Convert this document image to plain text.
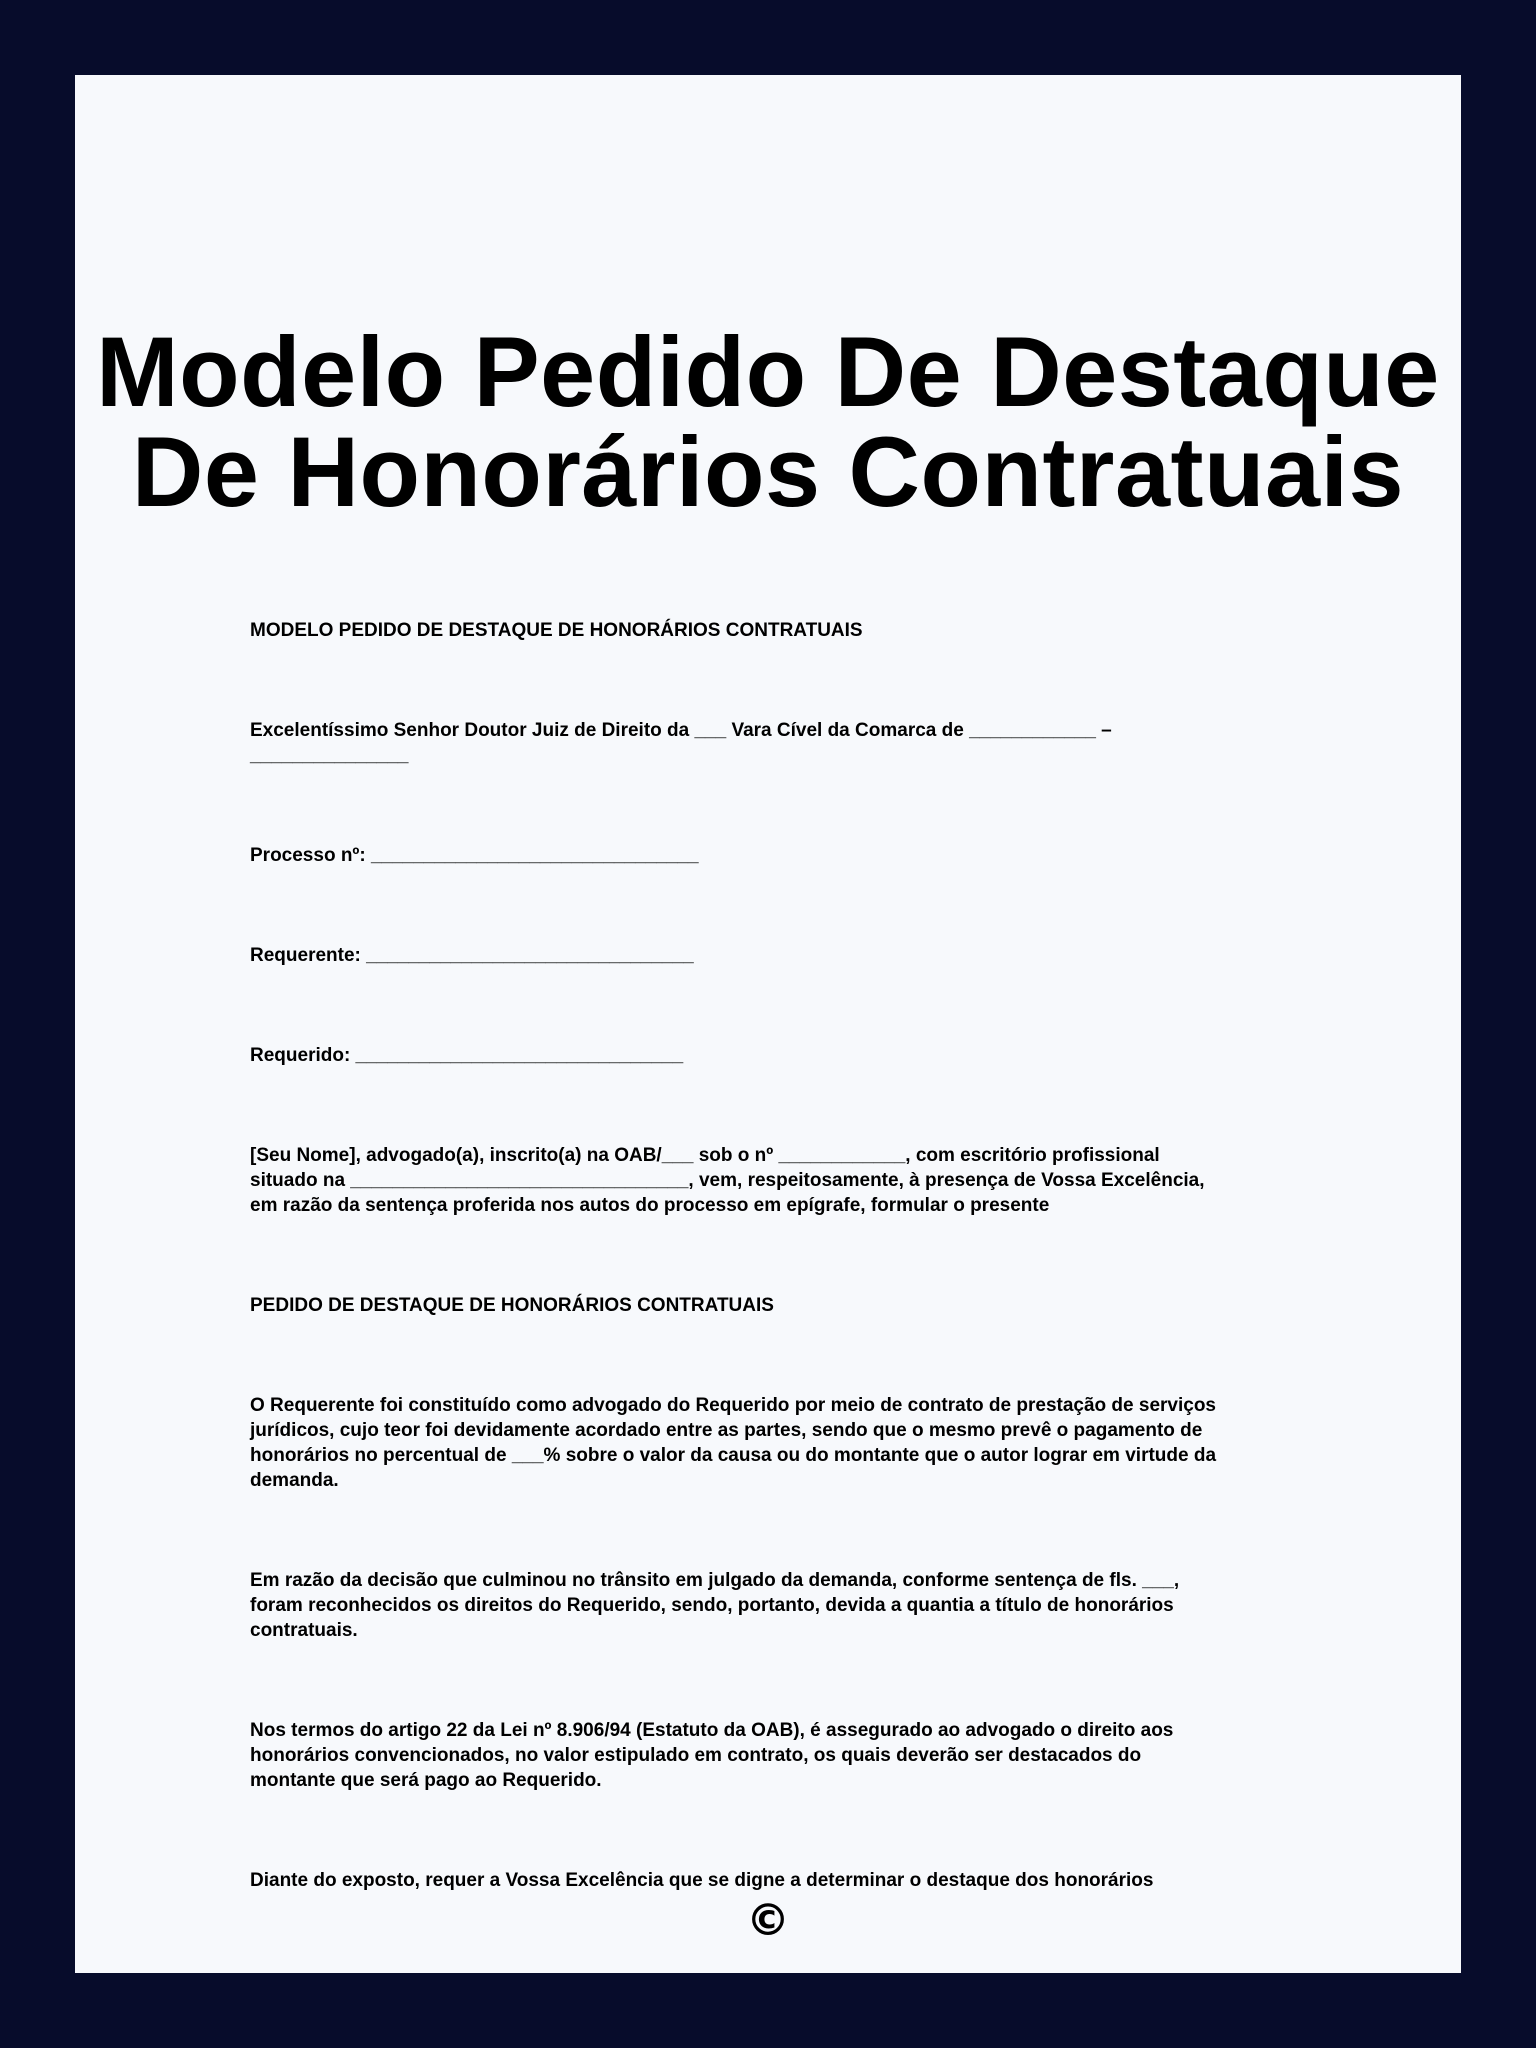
Modelo Pedido De Destaque
De Honorários Contratuais

MODELO PEDIDO DE DESTAQUE DE HONORÁRIOS CONTRATUAIS

Excelentíssimo Senhor Doutor Juiz de Direito da ___ Vara Cível da Comarca de ____________ –
_______________

Processo nº: _______________________________

Requerente: _______________________________

Requerido: _______________________________

[Seu Nome], advogado(a), inscrito(a) na OAB/___ sob o nº ____________, com escritório profissional
situado na ________________________________, vem, respeitosamente, à presença de Vossa Excelência,
em razão da sentença proferida nos autos do processo em epígrafe, formular o presente

PEDIDO DE DESTAQUE DE HONORÁRIOS CONTRATUAIS

O Requerente foi constituído como advogado do Requerido por meio de contrato de prestação de serviços
jurídicos, cujo teor foi devidamente acordado entre as partes, sendo que o mesmo prevê o pagamento de
honorários no percentual de ___% sobre o valor da causa ou do montante que o autor lograr em virtude da
demanda.

Em razão da decisão que culminou no trânsito em julgado da demanda, conforme sentença de fls. ___,
foram reconhecidos os direitos do Requerido, sendo, portanto, devida a quantia a título de honorários
contratuais.

Nos termos do artigo 22 da Lei nº 8.906/94 (Estatuto da OAB), é assegurado ao advogado o direito aos
honorários convencionados, no valor estipulado em contrato, os quais deverão ser destacados do
montante que será pago ao Requerido.

Diante do exposto, requer a Vossa Excelência que se digne a determinar o destaque dos honorários

©
